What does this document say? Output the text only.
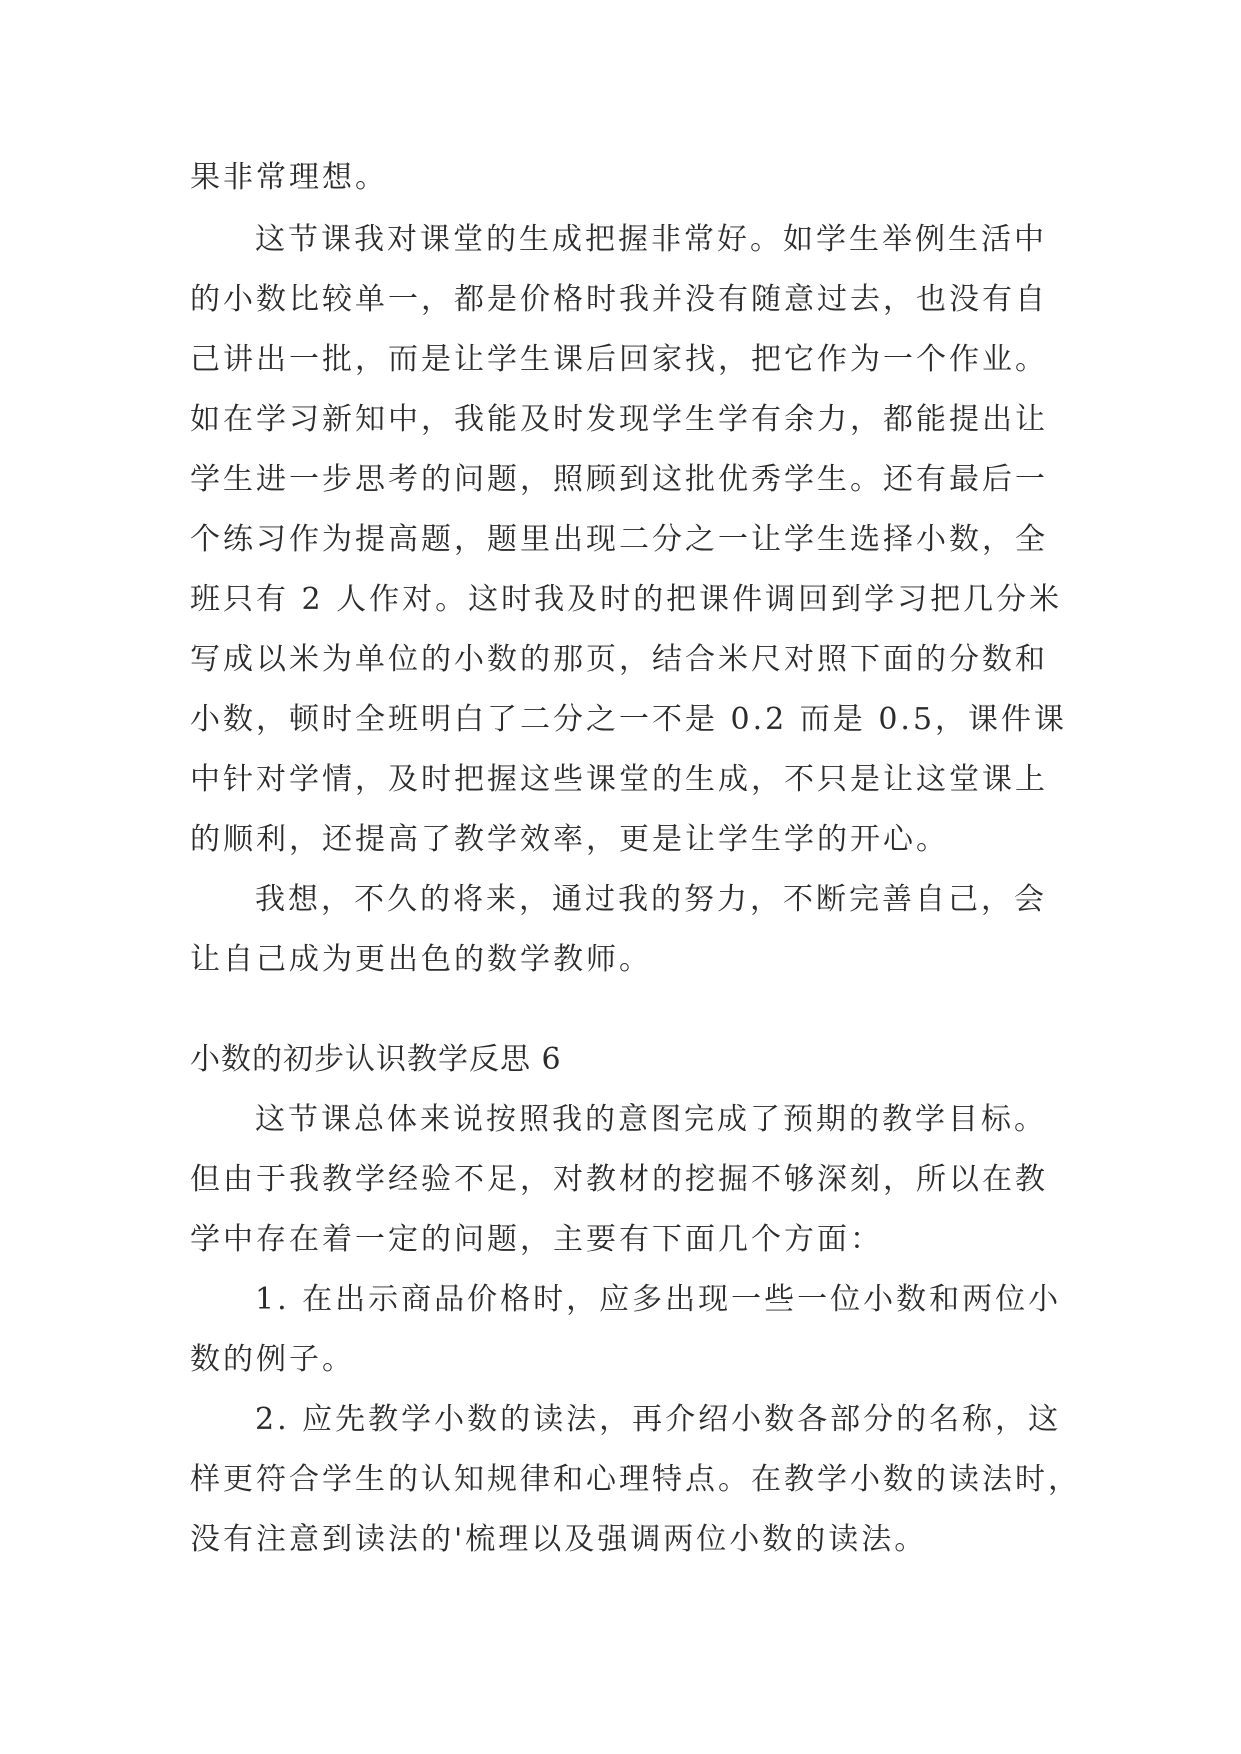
果非常理想。
这节课我对课堂的生成把握非常好。如学生举例生活中
的小数比较单一，都是价格时我并没有随意过去，也没有自
己讲出一批，而是让学生课后回家找，把它作为一个作业。
如在学习新知中，我能及时发现学生学有余力，都能提出让
学生进一步思考的问题，照顾到这批优秀学生。还有最后一
个练习作为提高题，题里出现二分之一让学生选择小数，全
班只有 2 人作对。这时我及时的把课件调回到学习把几分米
写成以米为单位的小数的那页，结合米尺对照下面的分数和
小数，顿时全班明白了二分之一不是 0.2 而是 0.5，课件课
中针对学情，及时把握这些课堂的生成，不只是让这堂课上
的顺利，还提高了教学效率，更是让学生学的开心。
我想，不久的将来，通过我的努力，不断完善自己，会
让自己成为更出色的数学教师。
小数的初步认识教学反思 6
这节课总体来说按照我的意图完成了预期的教学目标。
但由于我教学经验不足，对教材的挖掘不够深刻，所以在教
学中存在着一定的问题，主要有下面几个方面：
1. 在出示商品价格时，应多出现一些一位小数和两位小
数的例子。
2. 应先教学小数的读法，再介绍小数各部分的名称，这
样更符合学生的认知规律和心理特点。在教学小数的读法时，
没有注意到读法的'梳理以及强调两位小数的读法。
